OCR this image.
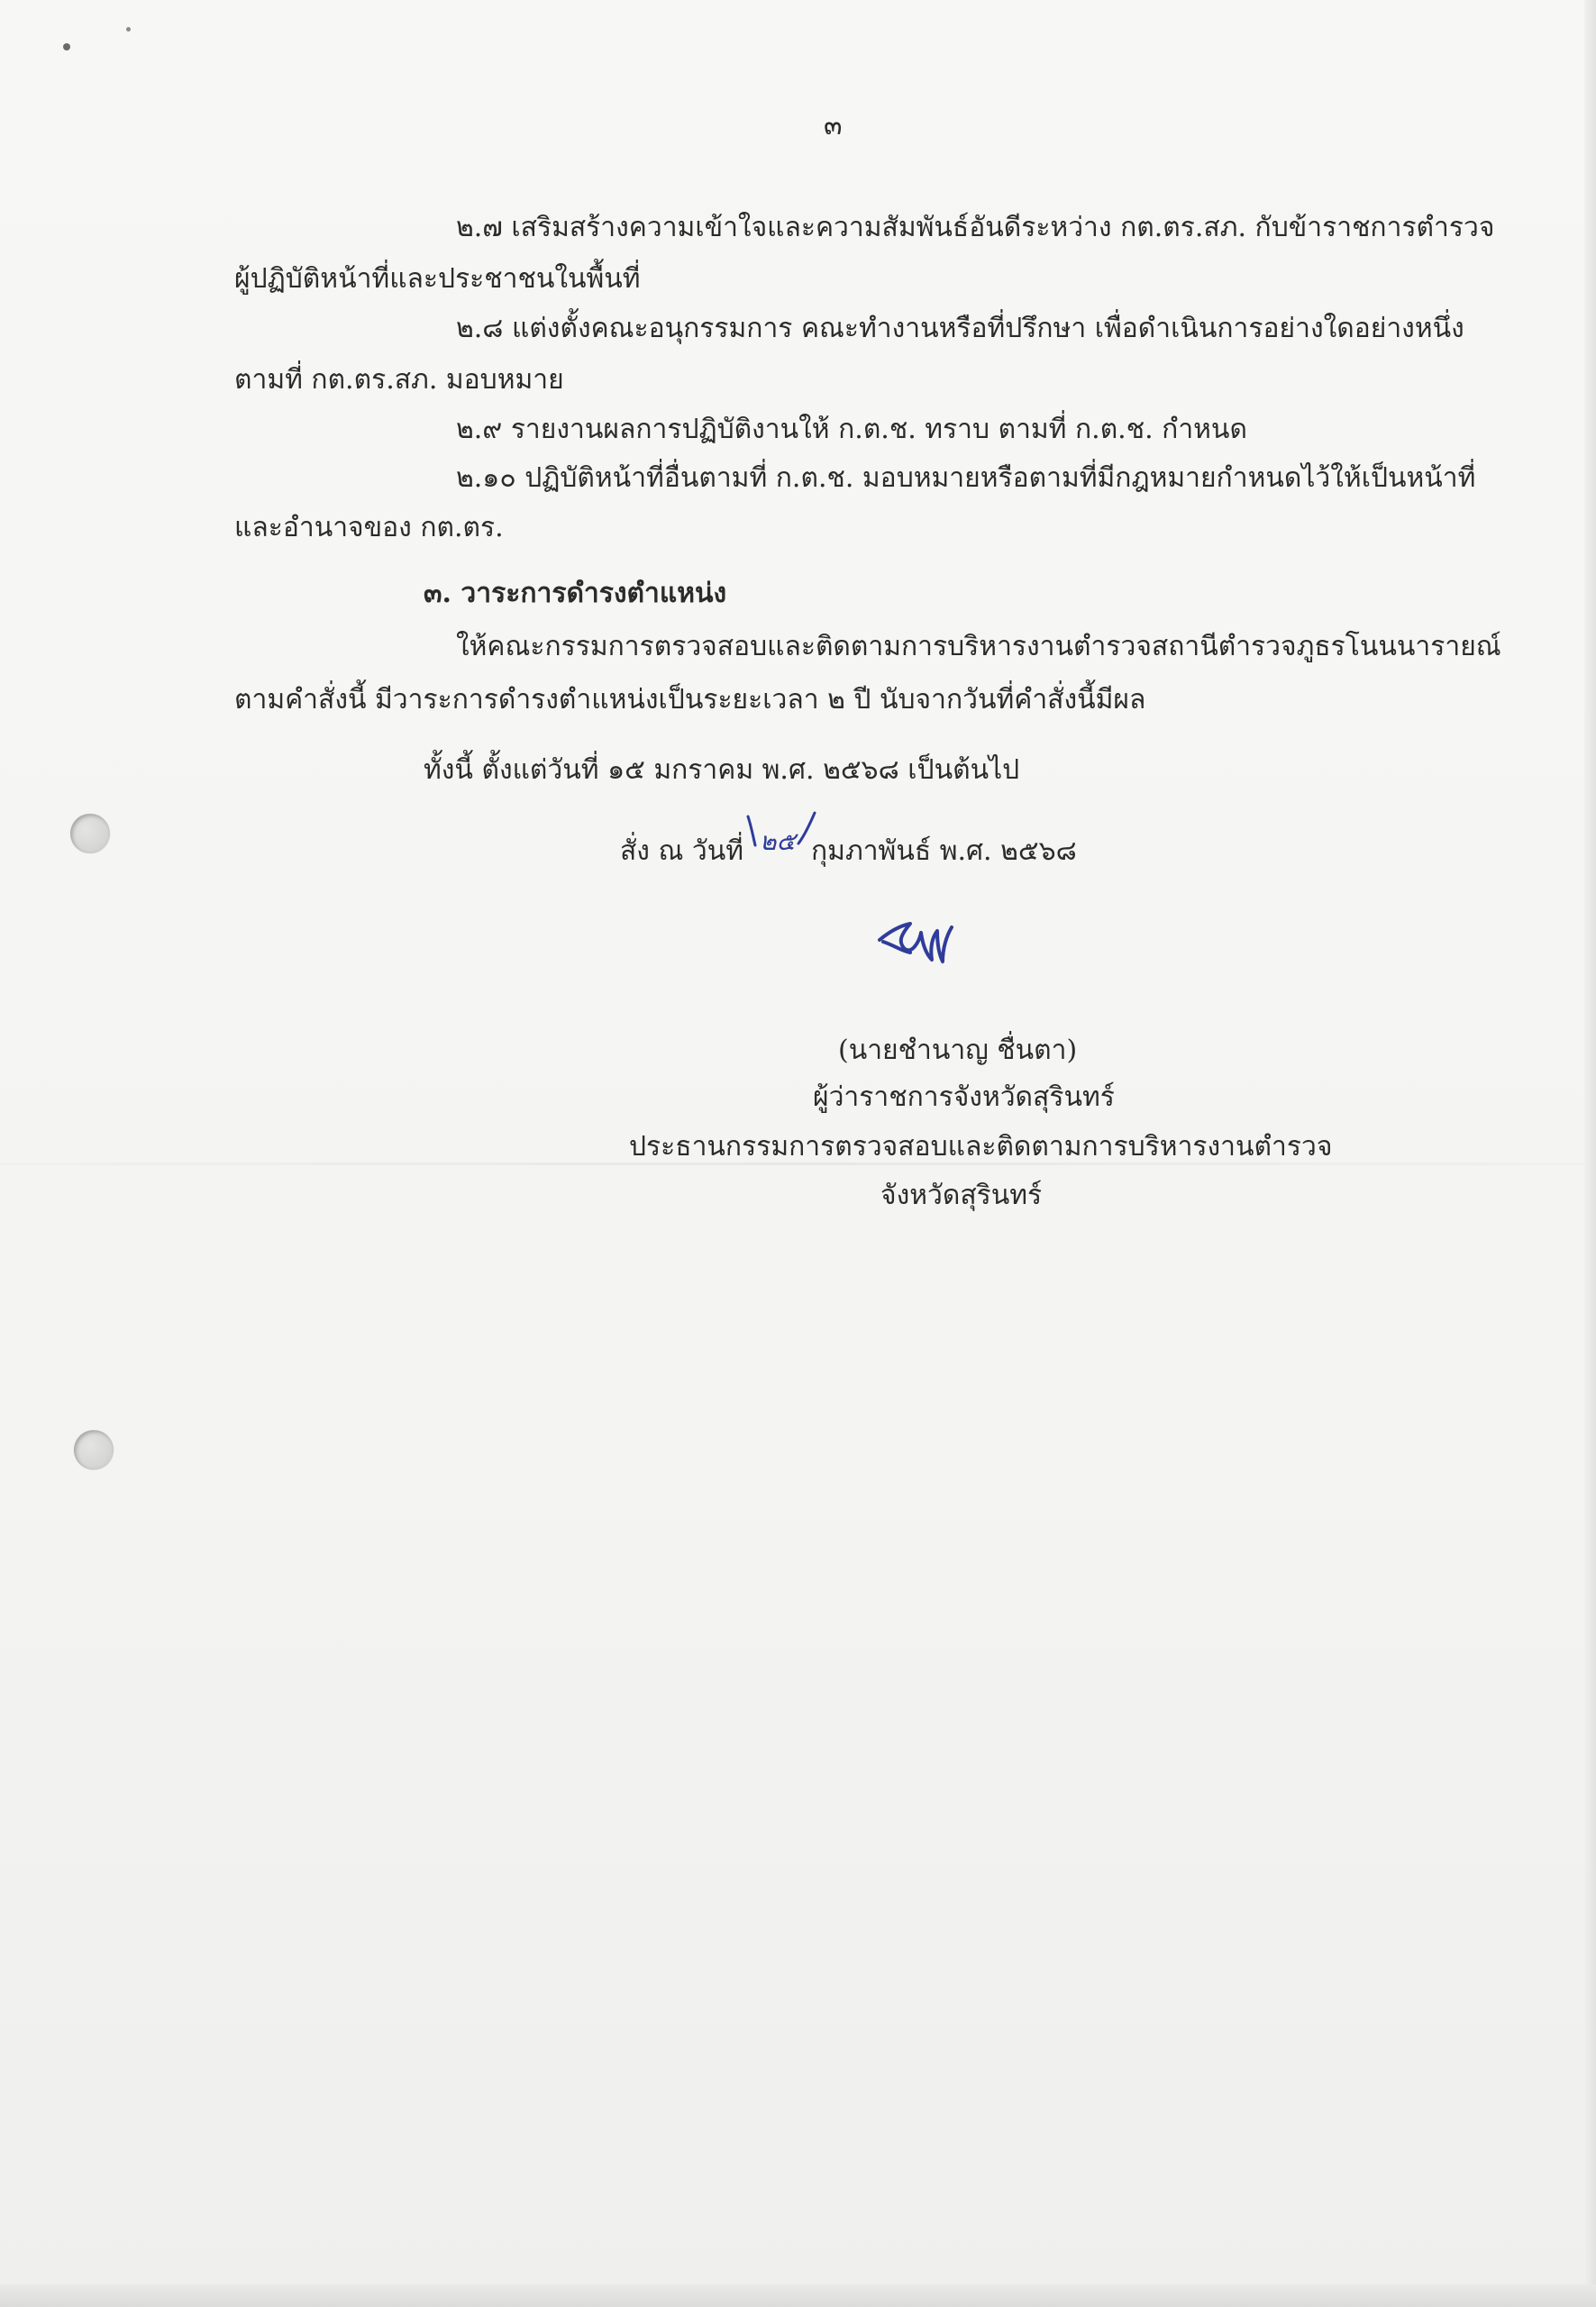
๓
๒.๗ เสริมสร้างความเข้าใจและความสัมพันธ์อันดีระหว่าง กต.ตร.สภ. กับข้าราชการตำรวจ
ผู้ปฏิบัติหน้าที่และประชาชนในพื้นที่
๒.๘ แต่งตั้งคณะอนุกรรมการ คณะทำงานหรือที่ปรึกษา เพื่อดำเนินการอย่างใดอย่างหนึ่ง
ตามที่ กต.ตร.สภ. มอบหมาย
๒.๙ รายงานผลการปฏิบัติงานให้ ก.ต.ช. ทราบ ตามที่ ก.ต.ช. กำหนด
๒.๑๐ ปฏิบัติหน้าที่อื่นตามที่ ก.ต.ช. มอบหมายหรือตามที่มีกฎหมายกำหนดไว้ให้เป็นหน้าที่
และอำนาจของ กต.ตร.
๓. วาระการดำรงตำแหน่ง
ให้คณะกรรมการตรวจสอบและติดตามการบริหารงานตำรวจสถานีตำรวจภูธรโนนนารายณ์
ตามคำสั่งนี้ มีวาระการดำรงตำแหน่งเป็นระยะเวลา ๒ ปี นับจากวันที่คำสั่งนี้มีผล
ทั้งนี้ ตั้งแต่วันที่ ๑๕ มกราคม พ.ศ. ๒๕๖๘ เป็นต้นไป
สั่ง ณ วันที่ ๒๕ กุมภาพันธ์ พ.ศ. ๒๕๖๘
(นายชำนาญ ชื่นตา)
ผู้ว่าราชการจังหวัดสุรินทร์
ประธานกรรมการตรวจสอบและติดตามการบริหารงานตำรวจ
จังหวัดสุรินทร์
